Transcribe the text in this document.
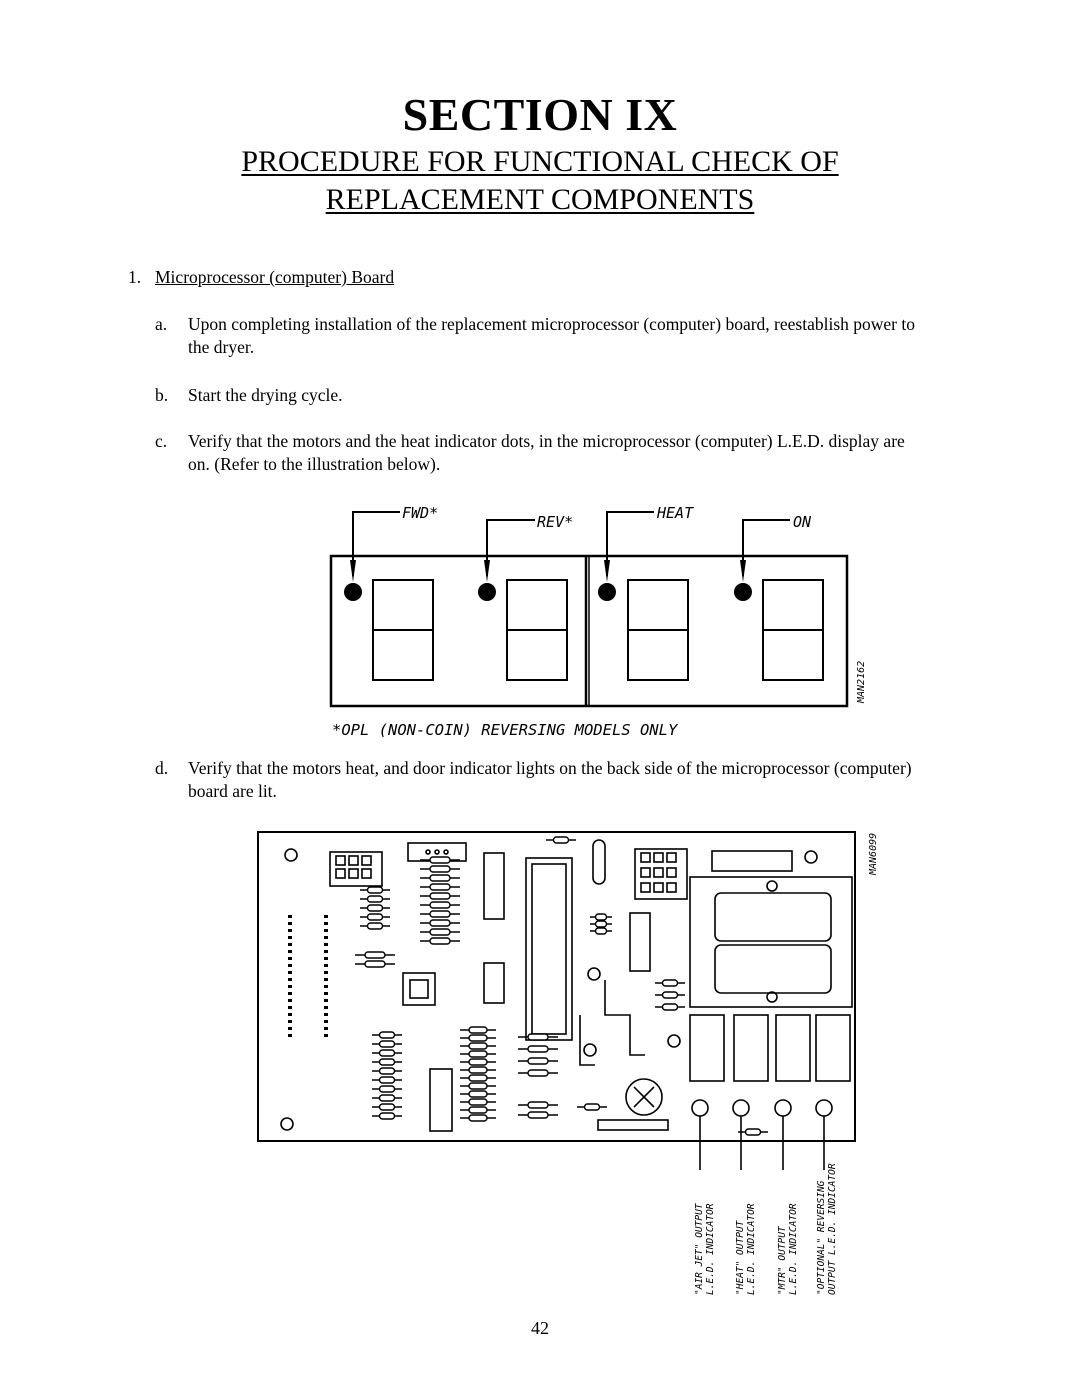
SECTION IX
PROCEDURE FOR FUNCTIONAL CHECK OF
REPLACEMENT COMPONENTS
1. Microprocessor (computer) Board
a. Upon completing installation of the replacement microprocessor (computer) board, reestablish power to
the dryer.
b. Start the drying cycle.
c. Verify that the motors and the heat indicator dots, in the microprocessor (computer) L.E.D. display are
on. (Refer to the illustration below).
FWD*	REV*	HEAT	ON
MAN2162
*OPL (NON-COIN) REVERSING MODELS ONLY
d. Verify that the motors heat, and door indicator lights on the back side of the microprocessor (computer)
board are lit.
MAN6099
"AIR JET" OUTPUT L.E.D. INDICATOR "HEAT" OUTPUT L.E.D. INDICATOR "MTR" OUTPUT L.E.D. INDICATOR "OPTIONAL" REVERSING OUTPUT L.E.D. INDICATOR
42
